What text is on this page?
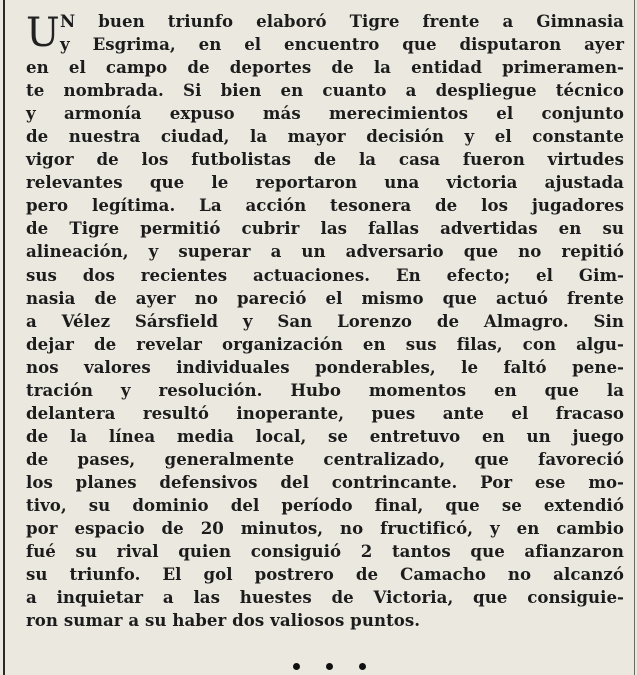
U N buen triunfo elaboró Tigre frente a Gimnasia
y Esgrima, en el encuentro que disputaron ayer
en el campo de deportes de la entidad primeramen-
te nombrada. Si bien en cuanto a despliegue técnico
y armonía expuso más merecimientos el conjunto
de nuestra ciudad, la mayor decisión y el constante
vigor de los futbolistas de la casa fueron virtudes
relevantes que le reportaron una victoria ajustada
pero legítima. La acción tesonera de los jugadores
de Tigre permitió cubrir las fallas advertidas en su
alineación, y superar a un adversario que no repitió
sus dos recientes actuaciones. En efecto; el Gim-
nasia de ayer no pareció el mismo que actuó frente
a Vélez Sársfield y San Lorenzo de Almagro. Sin
dejar de revelar organización en sus filas, con algu-
nos valores individuales ponderables, le faltó pene-
tración y resolución. Hubo momentos en que la
delantera resultó inoperante, pues ante el fracaso
de la línea media local, se entretuvo en un juego
de pases, generalmente centralizado, que favoreció
los planes defensivos del contrincante. Por ese mo-
tivo, su dominio del período final, que se extendió
por espacio de 20 minutos, no fructificó, y en cambio
fué su rival quien consiguió 2 tantos que afianzaron
su triunfo. El gol postrero de Camacho no alcanzó
a inquietar a las huestes de Victoria, que consiguie-
ron sumar a su haber dos valiosos puntos.
